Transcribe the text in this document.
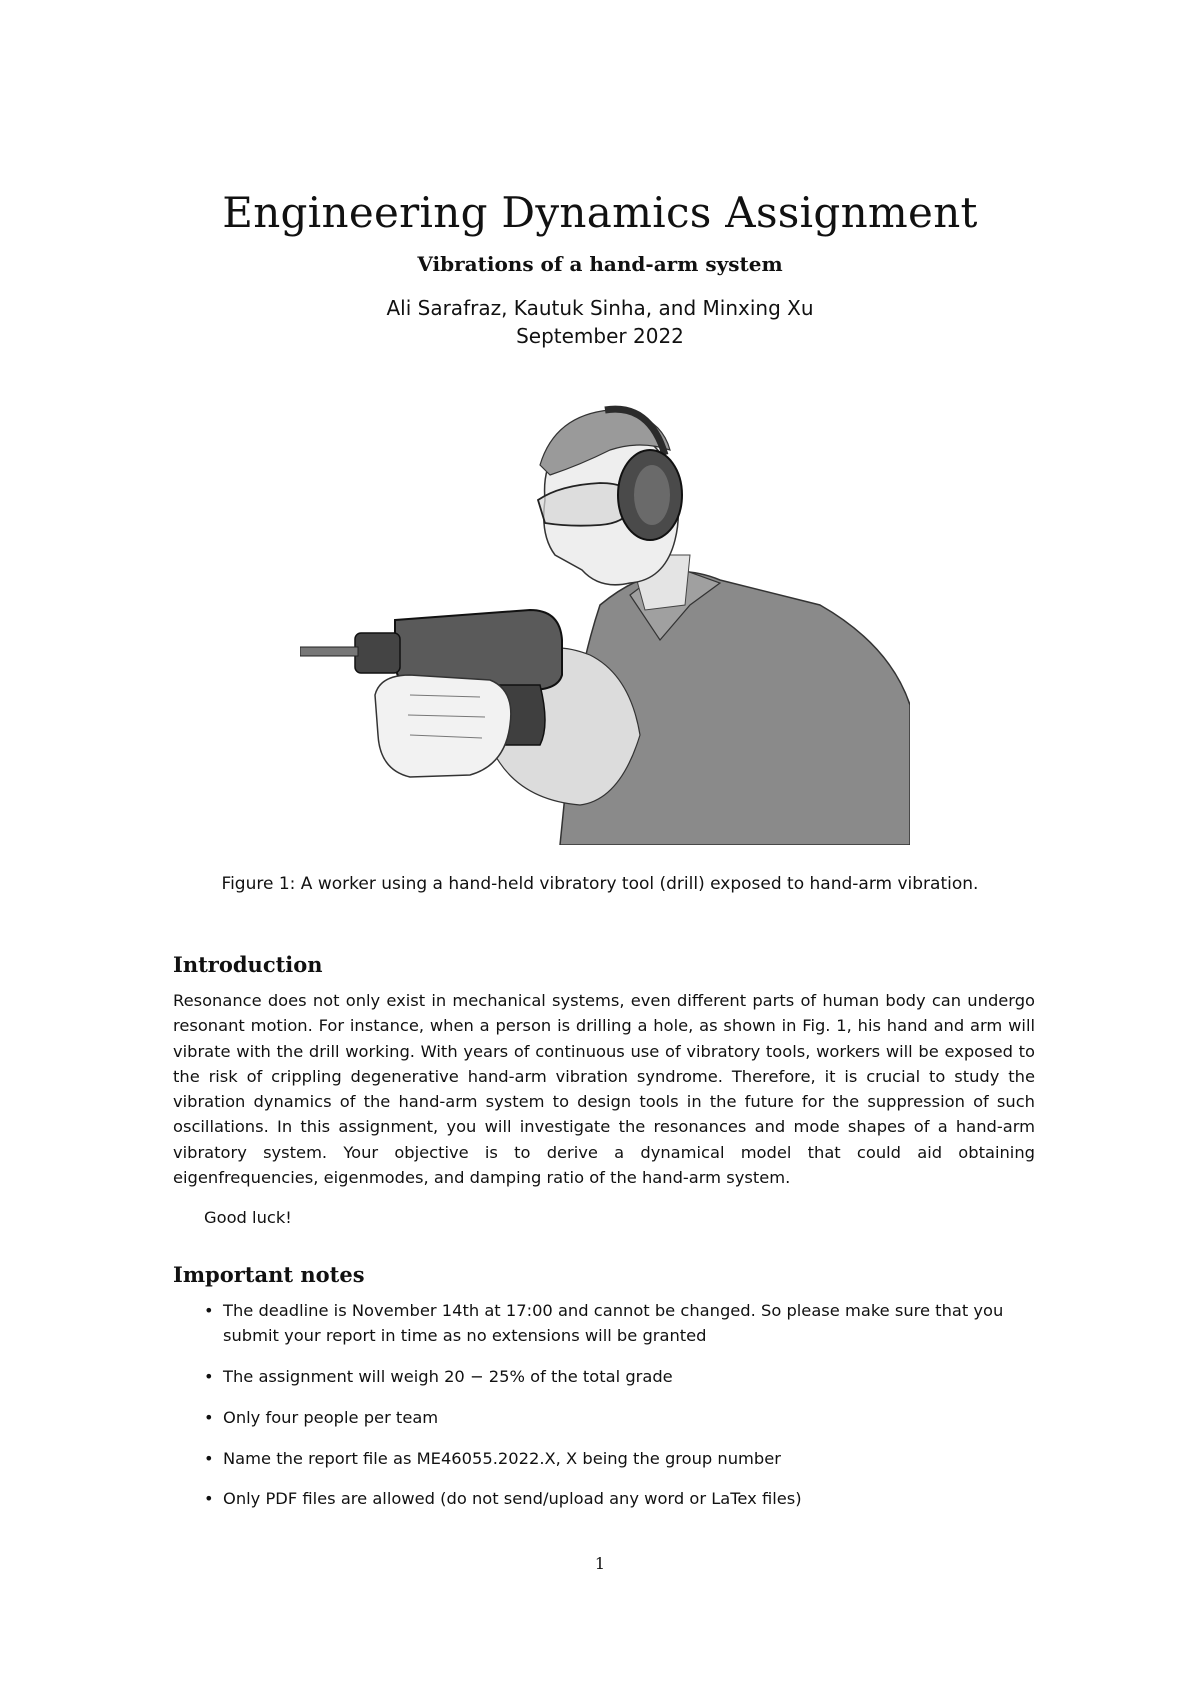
Engineering Dynamics Assignment
Vibrations of a hand-arm system
Ali Sarafraz, Kautuk Sinha, and Minxing Xu
September 2022
Figure 1: A worker using a hand-held vibratory tool (drill) exposed to hand-arm vibration.
Introduction
Resonance does not only exist in mechanical systems, even different parts of human body can undergo resonant motion. For instance, when a person is drilling a hole, as shown in Fig. 1, his hand and arm will vibrate with the drill working. With years of continuous use of vibratory tools, workers will be exposed to the risk of crippling degenerative hand-arm vibration syndrome. Therefore, it is crucial to study the vibration dynamics of the hand-arm system to design tools in the future for the suppression of such oscillations. In this assignment, you will investigate the resonances and mode shapes of a hand-arm vibratory system. Your objective is to derive a dynamical model that could aid obtaining eigenfrequencies, eigenmodes, and damping ratio of the hand-arm system.
Good luck!
Important notes
• The deadline is November 14th at 17:00 and cannot be changed. So please make sure that you submit your report in time as no extensions will be granted
• The assignment will weigh 20 − 25% of the total grade
• Only four people per team
• Name the report file as ME46055.2022.X, X being the group number
• Only PDF files are allowed (do not send/upload any word or LaTex files)
1
